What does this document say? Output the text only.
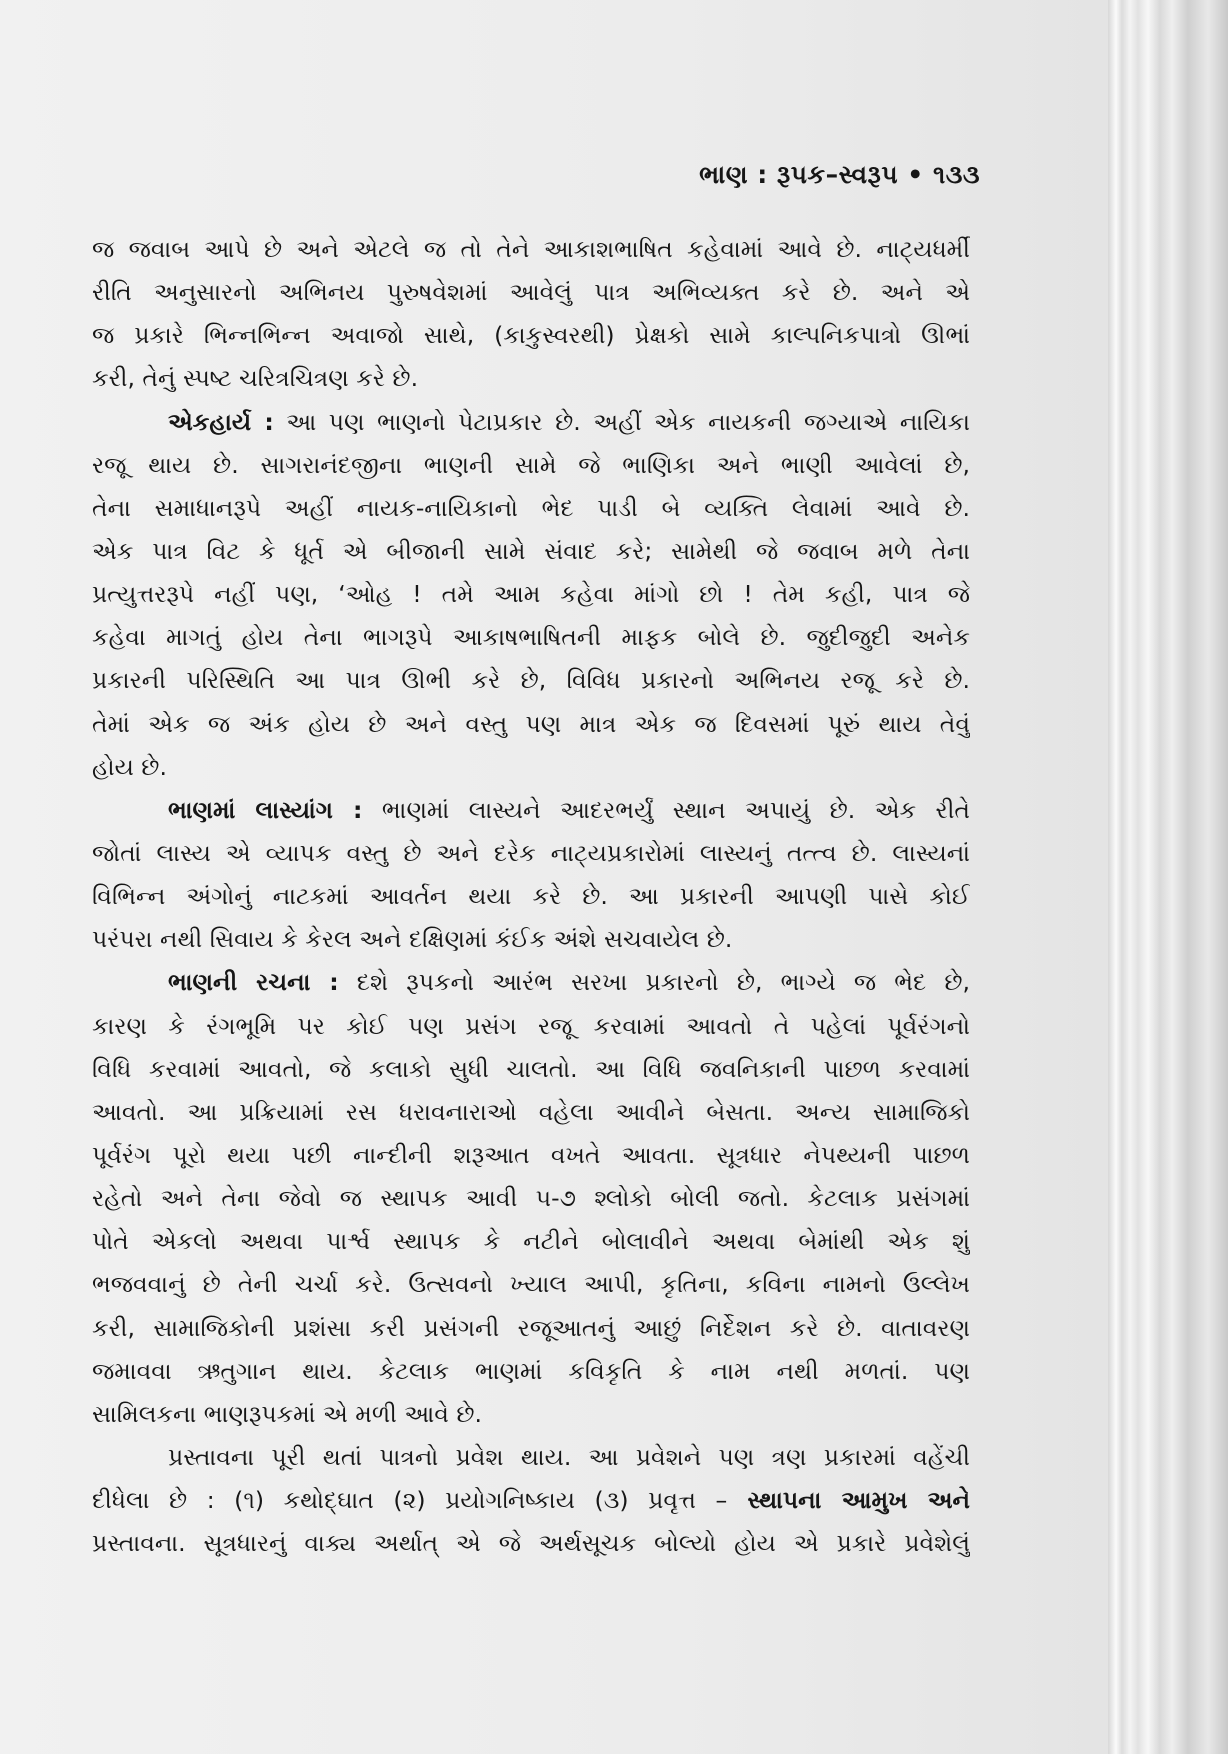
ભાણ : રૂપક–સ્વરૂપ • ૧૩૩
જ જવાબ આપે છે અને એટલે જ તો તેને આકાશભાષિત કહેવામાં આવે છે. નાટ્યધર્મી
રીતિ અનુસારનો અભિનય પુરુષવેશમાં આવેલું પાત્ર અભિવ્યક્ત કરે છે. અને એ
જ પ્રકારે ભિન્નભિન્ન અવાજો સાથે, (કાકુસ્વરથી) પ્રેક્ષકો સામે કાલ્પનિકપાત્રો ઊભાં
કરી, તેનું સ્પષ્ટ ચરિત્રચિત્રણ કરે છે.
એકહાર્ય : આ પણ ભાણનો પેટાપ્રકાર છે. અહીં એક નાયકની જગ્યાએ નાયિકા
રજૂ થાય છે. સાગરાનંદજીના ભાણની સામે જે ભાણિકા અને ભાણી આવેલાં છે,
તેના સમાધાનરૂપે અહીં નાયક-નાયિકાનો ભેદ પાડી બે વ્યક્તિ લેવામાં આવે છે.
એક પાત્ર વિટ કે ધૂર્ત એ બીજાની સામે સંવાદ કરે; સામેથી જે જવાબ મળે તેના
પ્રત્યુત્તરરૂપે નહીં પણ, ‘ઓહ ! તમે આમ કહેવા માંગો છો ! તેમ કહી, પાત્ર જે
કહેવા માગતું હોય તેના ભાગરૂપે આકાષભાષિતની માફક બોલે છે. જુદીજુદી અનેક
પ્રકારની પરિસ્થિતિ આ પાત્ર ઊભી કરે છે, વિવિધ પ્રકારનો અભિનય રજૂ કરે છે.
તેમાં એક જ અંક હોય છે અને વસ્તુ પણ માત્ર એક જ દિવસમાં પૂરું થાય તેવું
હોય છે.
ભાણમાં લાસ્યાંગ : ભાણમાં લાસ્યને આદરભર્યું સ્થાન અપાયું છે. એક રીતે
જોતાં લાસ્ય એ વ્યાપક વસ્તુ છે અને દરેક નાટ્યપ્રકારોમાં લાસ્યનું તત્ત્વ છે. લાસ્યનાં
વિભિન્ન અંગોનું નાટકમાં આવર્તન થયા કરે છે. આ પ્રકારની આપણી પાસે કોઈ
પરંપરા નથી સિવાય કે કેરલ અને દક્ષિણમાં કંઈક અંશે સચવાયેલ છે.
ભાણની રચના : દશે રૂપકનો આરંભ સરખા પ્રકારનો છે, ભાગ્યે જ ભેદ છે,
કારણ કે રંગભૂમિ પર કોઈ પણ પ્રસંગ રજૂ કરવામાં આવતો તે પહેલાં પૂર્વરંગનો
વિધિ કરવામાં આવતો, જે કલાકો સુધી ચાલતો. આ વિધિ જવનિકાની પાછળ કરવામાં
આવતો. આ પ્રક્રિયામાં રસ ધરાવનારાઓ વહેલા આવીને બેસતા. અન્ય સામાજિકો
પૂર્વરંગ પૂરો થયા પછી નાન્દીની શરૂઆત વખતે આવતા. સૂત્રધાર નેપથ્યની પાછળ
રહેતો અને તેના જેવો જ સ્થાપક આવી ૫-૭ શ્લોકો બોલી જતો. કેટલાક પ્રસંગમાં
પોતે એકલો અથવા પાર્શ્વ સ્થાપક કે નટીને બોલાવીને અથવા બેમાંથી એક શું
ભજવવાનું છે તેની ચર્ચા કરે. ઉત્સવનો ખ્યાલ આપી, કૃતિના, કવિના નામનો ઉલ્લેખ
કરી, સામાજિકોની પ્રશંસા કરી પ્રસંગની રજૂઆતનું આછું નિર્દેશન કરે છે. વાતાવરણ
જમાવવા ઋતુગાન થાય. કેટલાક ભાણમાં કવિકૃતિ કે નામ નથી મળતાં. પણ
સામિલકના ભાણરૂપકમાં એ મળી આવે છે.
પ્રસ્તાવના પૂરી થતાં પાત્રનો પ્રવેશ થાય. આ પ્રવેશને પણ ત્રણ પ્રકારમાં વહેંચી
દીધેલા છે : (૧) કથોદ્ઘાત (૨) પ્રયોગનિષ્કાય (૩) પ્રવૃત્ત – સ્થાપના આમુખ અને
પ્રસ્તાવના. સૂત્રધારનું વાક્ય અર્થાત્ એ જે અર્થસૂચક બોલ્યો હોય એ પ્રકારે પ્રવેશેલું
